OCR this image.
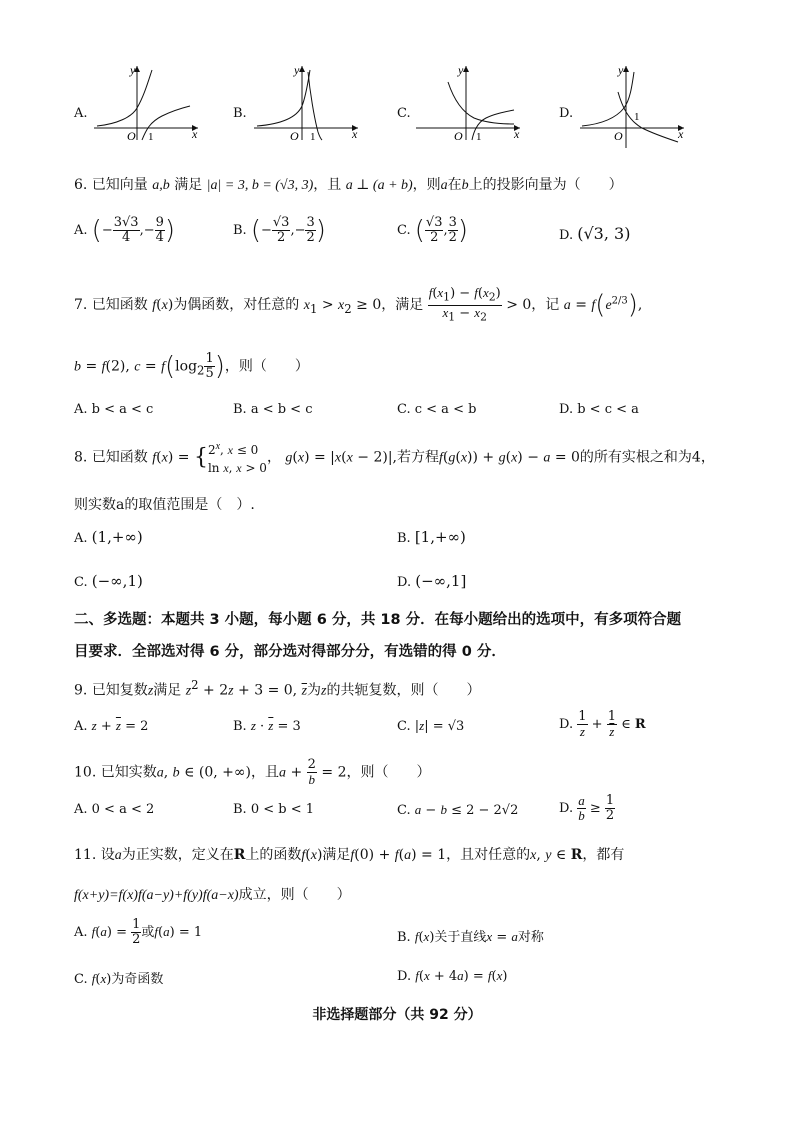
A.
y
x
O 1
B.
y
x
O 1
C.
y
x
O 1
D.
y
x
O
1
6. 已知向量 a,b 满足 |a| = 3, b = (√3, 3)，且 a ⊥ (a + b)，则a在b上的投影向量为（　　）
A. (− $\frac{3√3}{4}$ ,− $\frac{9}{4}$ )	B. (− $\frac{√3}{2}$ ,− $\frac{3}{2}$ )	C. ( $\frac{√3}{2}$ , $\frac{3}{2}$ )	D. (√3, 3)
7. 已知函数 f(x)为偶函数，对任意的 $x_1 > x_2 \ge 0$，满足 $\frac{f(x_1) - f(x_2)}{x_1 - x_2} > 0$，记 $a = f(e^{2/3})$,
b = f(2), $c = f(\log_2 \frac{1}{5}$ )，则（　　）
A. b < a < c	B. a < b < c	C. c < a < b	D. b < c < a
8. 已知函数 $f(x) = \{2^x$, x ≤ 0
ln x, x > 0， g(x) = |x(x − 2)|,若方程f(g(x)) + g(x) − a = 0的所有实根之和为4，
则实数a的取值范围是（　）.
A. (1,+∞)	B. [1,+∞)
C. (−∞,1)	D. (−∞,1]
二、多选题：本题共 3 小题，每小题 6 分，共 18 分．在每小题给出的选项中，有多项符合题
目要求．全部选对得 6 分，部分选对得部分分，有选错的得 0 分．
9. 已知复数z满足 $z^2 + 2z + 3 = 0$, $\overline{z}$为z的共轭复数，则（　　）
A. $z + \overline{z} = 2$	B. $z \cdot \overline{z} = 3$	C. |z| = √3	D. $\frac{1}{z} + \frac{1}{z}$ ∈ R
10. 已知实数a, b ∈ (0, +∞)，且$a + \frac{2}{b} = 2$，则（　　）
A. 0 < a < 2	B. 0 < b < 1	C. a − b ≤ 2 − 2√2	D. $\frac{a}{b} \ge \frac{1}{2}$
11. 设a为正实数，定义在R上的函数f(x)满足f(0) + f(a) = 1，且对任意的x, y ∈ R，都有
f(x+y)=f(x)f(a−y)+f(y)f(a−x)成立，则（　　）
A. $f(a) = \frac{1}{2}$ 或f(a) = 1	B. f(x)关于直线x = a对称
C. f(x)为奇函数	D. f(x + 4a) = f(x)
非选择题部分（共 92 分）
